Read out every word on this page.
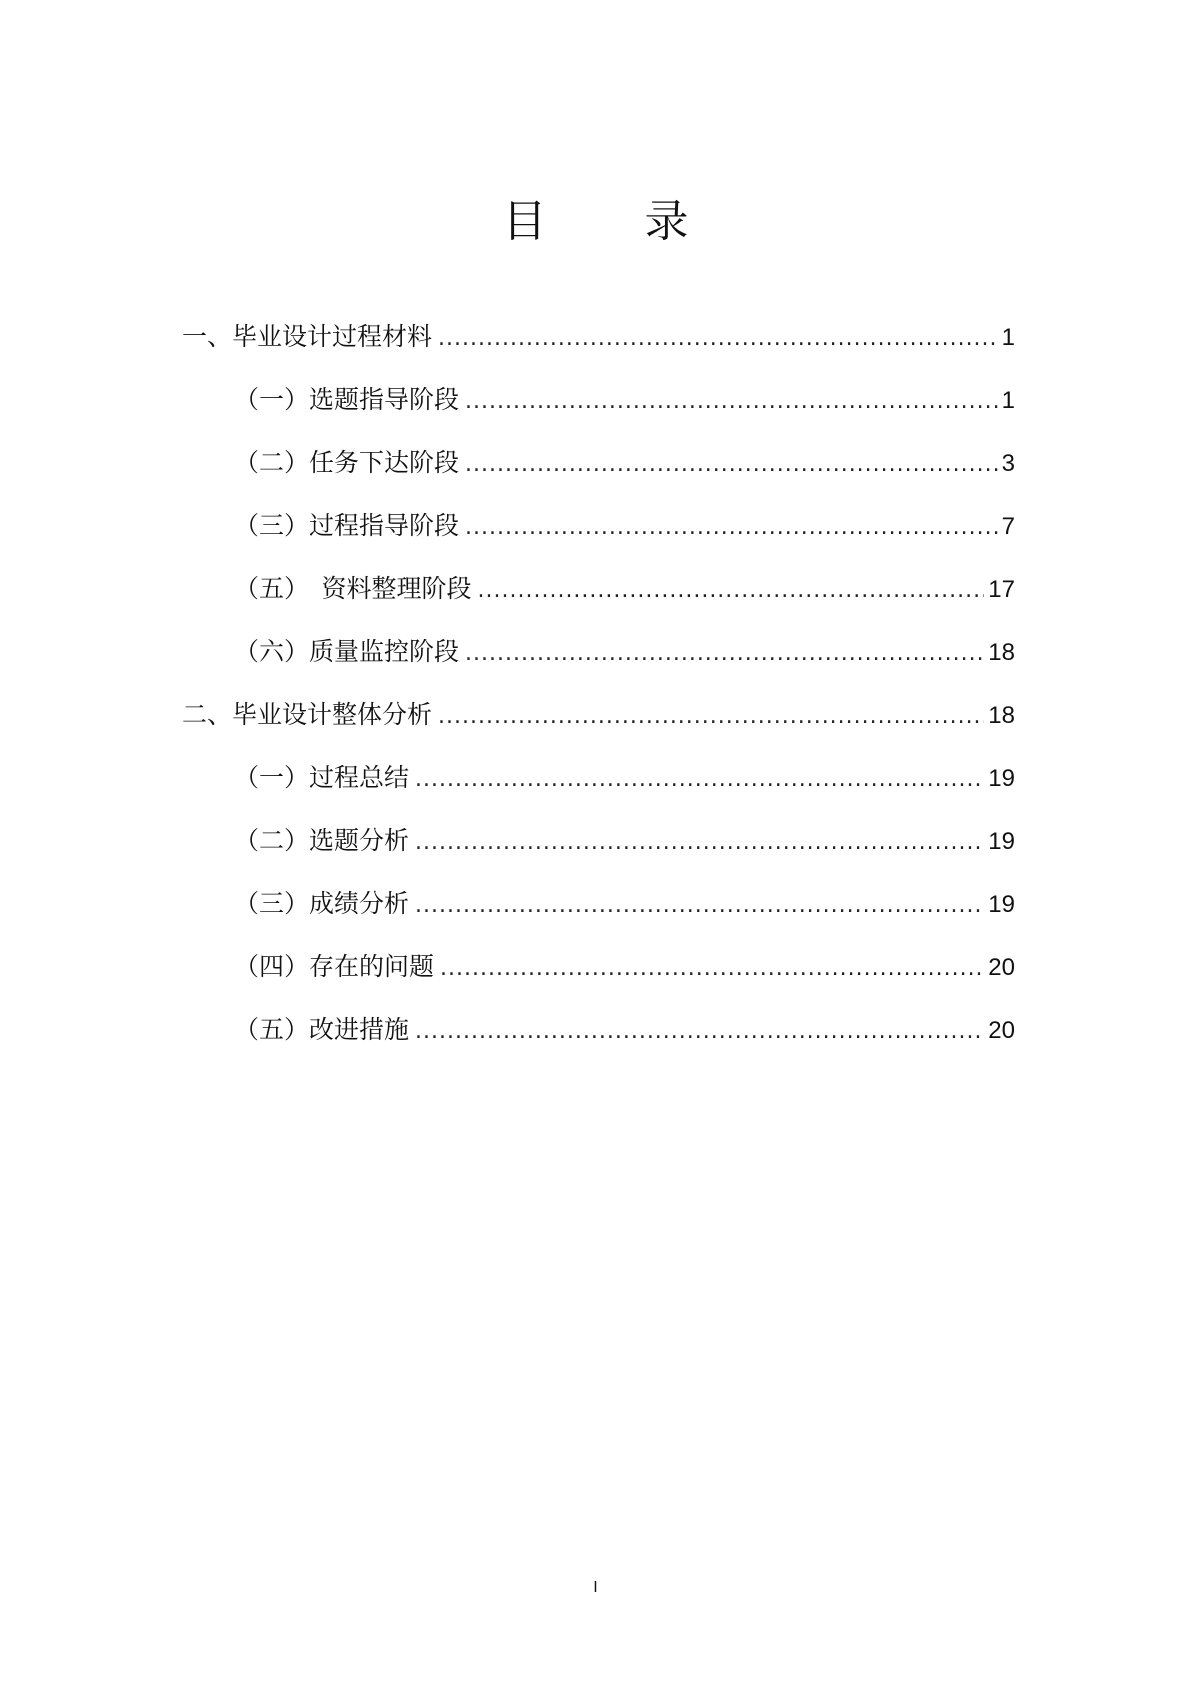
目 录
一、毕业设计过程材料 .....	1
（一）选题指导阶段 .....	1
（二）任务下达阶段 .....	3
（三）过程指导阶段 .....	7
（五）　资料整理阶段 .....	17
（六）质量监控阶段 .....	18
二、毕业设计整体分析 .....	18
（一）过程总结 .....	19
（二）选题分析 .....	19
（三）成绩分析 .....	19
（四）存在的问题 .....	20
（五）改进措施 .....	20
I
